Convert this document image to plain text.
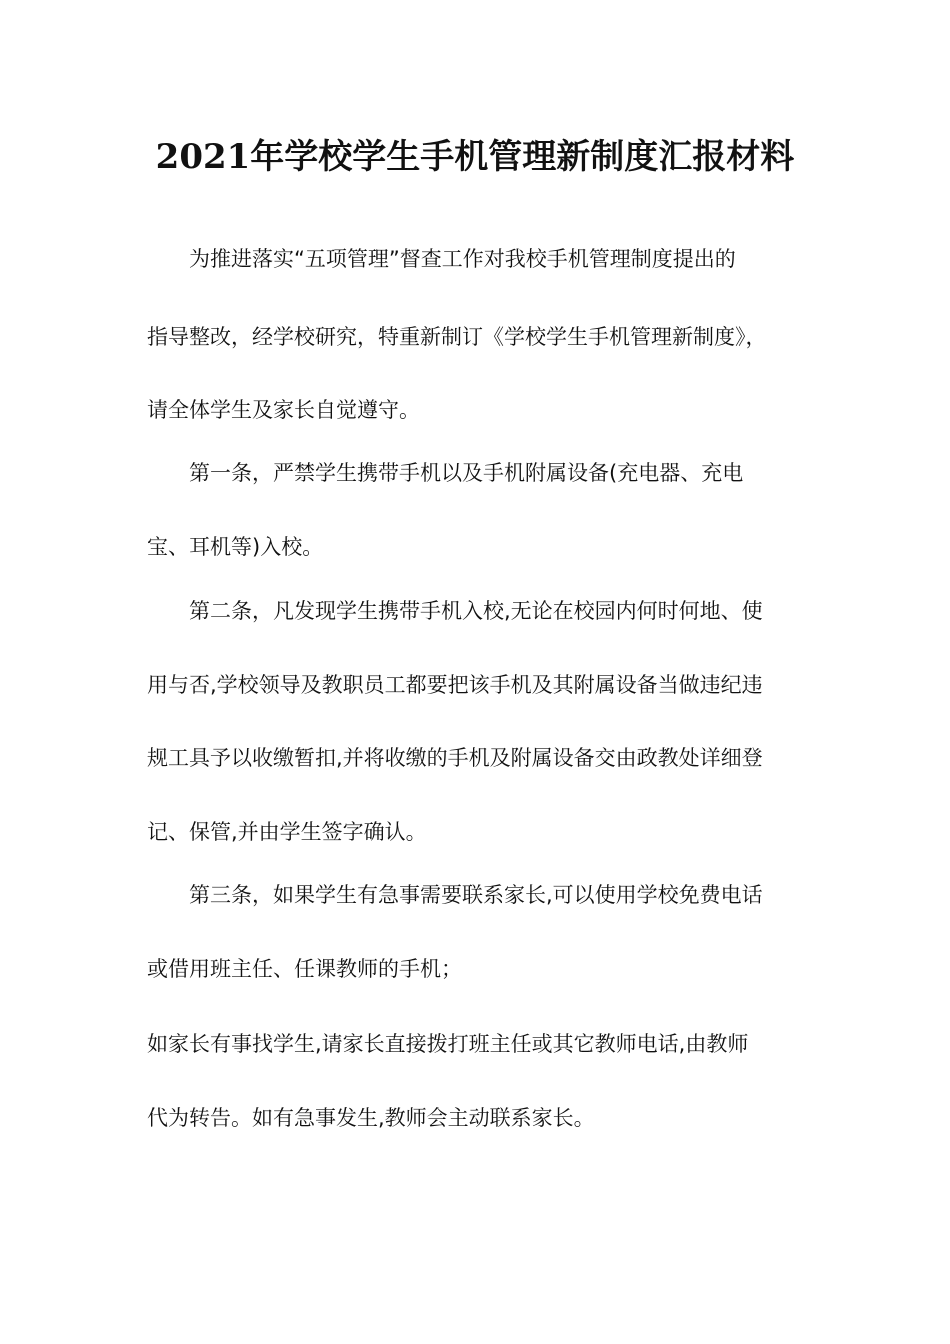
2021年学校学生手机管理新制度汇报材料
为推进落实“五项管理”督查工作对我校手机管理制度提出的
指导整改，经学校研究，特重新制订《学校学生手机管理新制度》，
请全体学生及家长自觉遵守。
第一条，严禁学生携带手机以及手机附属设备(充电器、充电
宝、耳机等)入校。
第二条，凡发现学生携带手机入校,无论在校园内何时何地、使
用与否,学校领导及教职员工都要把该手机及其附属设备当做违纪违
规工具予以收缴暂扣,并将收缴的手机及附属设备交由政教处详细登
记、保管,并由学生签字确认。
第三条，如果学生有急事需要联系家长,可以使用学校免费电话
或借用班主任、任课教师的手机；
如家长有事找学生,请家长直接拨打班主任或其它教师电话,由教师
代为转告。如有急事发生,教师会主动联系家长。
